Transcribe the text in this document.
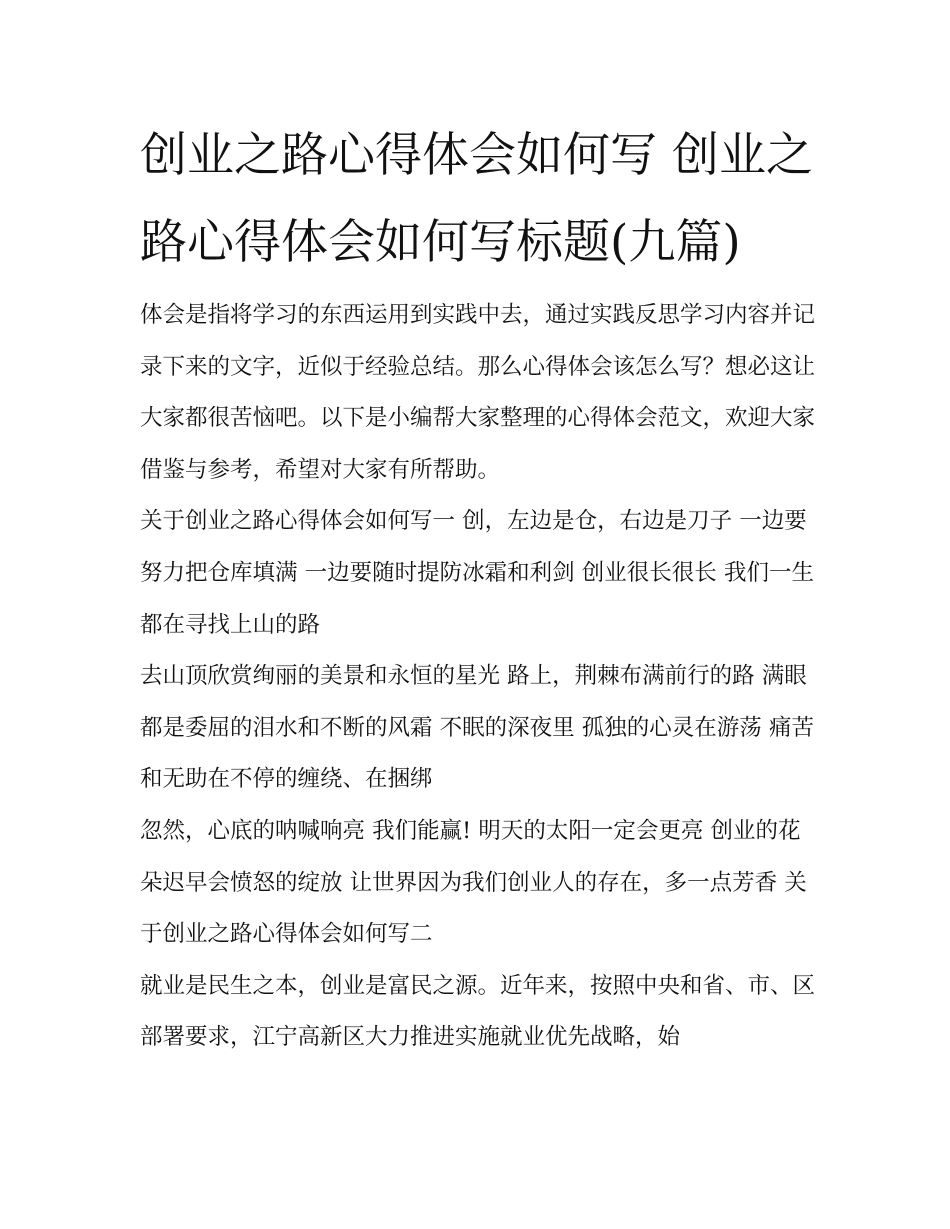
创业之路心得体会如何写 创业之路心得体会如何写标题(九篇)

体会是指将学习的东西运用到实践中去，通过实践反思学习内容并记录下来的文字，近似于经验总结。那么心得体会该怎么写？想必这让大家都很苦恼吧。以下是小编帮大家整理的心得体会范文，欢迎大家借鉴与参考，希望对大家有所帮助。

关于创业之路心得体会如何写一 创，左边是仓，右边是刀子 一边要努力把仓库填满 一边要随时提防冰霜和利剑 创业很长很长 我们一生都在寻找上山的路

去山顶欣赏绚丽的美景和永恒的星光 路上，荆棘布满前行的路 满眼都是委屈的泪水和不断的风霜 不眠的深夜里 孤独的心灵在游荡 痛苦和无助在不停的缠绕、在捆绑

忽然，心底的呐喊响亮 我们能赢! 明天的太阳一定会更亮 创业的花朵迟早会愤怒的绽放 让世界因为我们创业人的存在，多一点芳香 关于创业之路心得体会如何写二

就业是民生之本，创业是富民之源。近年来，按照中央和省、市、区部署要求，江宁高新区大力推进实施就业优先战略，始
